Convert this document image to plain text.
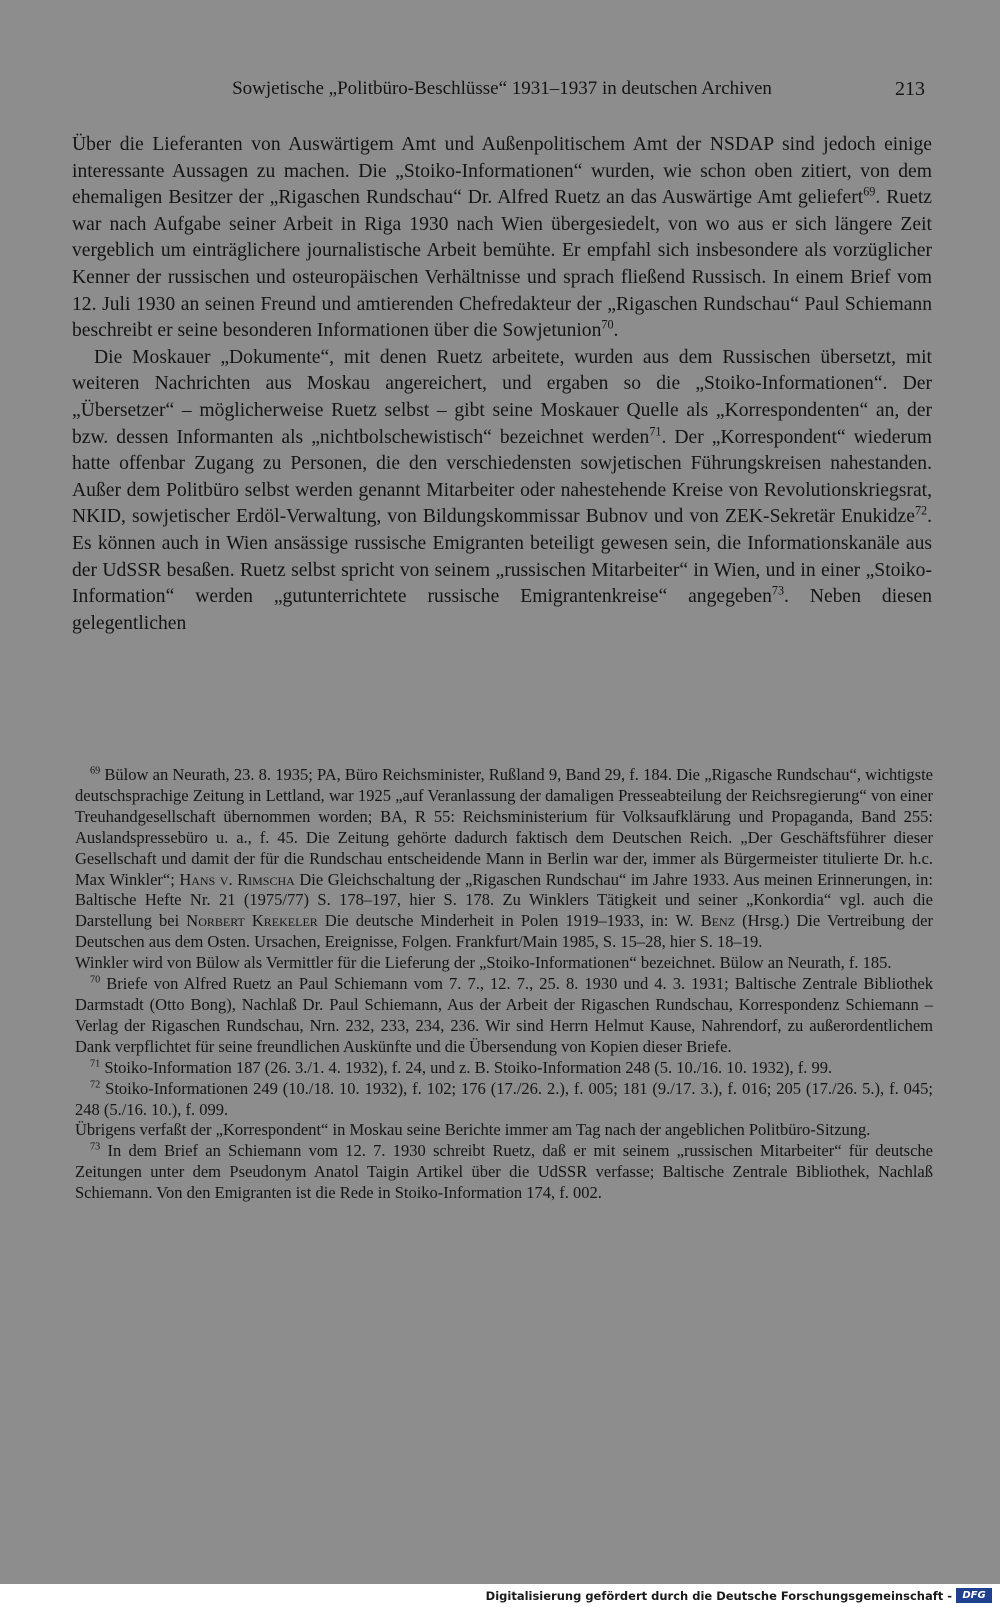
Sowjetische „Politbüro-Beschlüsse“ 1931–1937 in deutschen Archiven	213

Über die Lieferanten von Auswärtigem Amt und Außenpolitischem Amt der NSDAP sind jedoch einige interessante Aussagen zu machen. Die „Stoiko-Informationen“ wurden, wie schon oben zitiert, von dem ehemaligen Besitzer der „Rigaschen Rundschau“ Dr. Alfred Ruetz an das Auswärtige Amt geliefert$^{69}$. Ruetz war nach Aufgabe seiner Arbeit in Riga 1930 nach Wien übergesiedelt, von wo aus er sich längere Zeit vergeblich um einträglichere journalistische Arbeit bemühte. Er empfahl sich insbesondere als vorzüglicher Kenner der russischen und osteuropäischen Verhältnisse und sprach fließend Russisch. In einem Brief vom 12. Juli 1930 an seinen Freund und amtierenden Chefredakteur der „Rigaschen Rundschau“ Paul Schiemann beschreibt er seine besonderen Informationen über die Sowjetunion$^{70}$.

Die Moskauer „Dokumente“, mit denen Ruetz arbeitete, wurden aus dem Russischen übersetzt, mit weiteren Nachrichten aus Moskau angereichert, und ergaben so die „Stoiko-Informationen“. Der „Übersetzer“ – möglicherweise Ruetz selbst – gibt seine Moskauer Quelle als „Korrespondenten“ an, der bzw. dessen Informanten als „nichtbolschewistisch“ bezeichnet werden$^{71}$. Der „Korrespondent“ wiederum hatte offenbar Zugang zu Personen, die den verschiedensten sowjetischen Führungskreisen nahestanden. Außer dem Politbüro selbst werden genannt Mitarbeiter oder nahestehende Kreise von Revolutionskriegsrat, NKID, sowjetischer Erdöl-Verwaltung, von Bildungskommissar Bubnov und von ZEK-Sekretär Enukidze$^{72}$. Es können auch in Wien ansässige russische Emigranten beteiligt gewesen sein, die Informationskanäle aus der UdSSR besaßen. Ruetz selbst spricht von seinem „russischen Mitarbeiter“ in Wien, und in einer „Stoiko-Information“ werden „gutunterrichtete russische Emigrantenkreise“ angegeben$^{73}$. Neben diesen gelegentlichen

$^{69}$ Bülow an Neurath, 23. 8. 1935; PA, Büro Reichsminister, Rußland 9, Band 29, f. 184. Die „Rigasche Rundschau“, wichtigste deutschsprachige Zeitung in Lettland, war 1925 „auf Veranlassung der damaligen Presseabteilung der Reichsregierung“ von einer Treuhandgesellschaft übernommen worden; BA, R 55: Reichsministerium für Volksaufklärung und Propaganda, Band 255: Auslandspressebüro u. a., f. 45. Die Zeitung gehörte dadurch faktisch dem Deutschen Reich. „Der Geschäftsführer dieser Gesellschaft und damit der für die Rundschau entscheidende Mann in Berlin war der, immer als Bürgermeister titulierte Dr. h.c. Max Winkler“; Hans v. Rimscha Die Gleichschaltung der „Rigaschen Rundschau“ im Jahre 1933. Aus meinen Erinnerungen, in: Baltische Hefte Nr. 21 (1975/77) S. 178–197, hier S. 178. Zu Winklers Tätigkeit und seiner „Konkordia“ vgl. auch die Darstellung bei Norbert Krekeler Die deutsche Minderheit in Polen 1919–1933, in: W. Benz (Hrsg.) Die Vertreibung der Deutschen aus dem Osten. Ursachen, Ereignisse, Folgen. Frankfurt/Main 1985, S. 15–28, hier S. 18–19.

Winkler wird von Bülow als Vermittler für die Lieferung der „Stoiko-Informationen“ bezeichnet. Bülow an Neurath, f. 185.

$^{70}$ Briefe von Alfred Ruetz an Paul Schiemann vom 7. 7., 12. 7., 25. 8. 1930 und 4. 3. 1931; Baltische Zentrale Bibliothek Darmstadt (Otto Bong), Nachlaß Dr. Paul Schiemann, Aus der Arbeit der Rigaschen Rundschau, Korrespondenz Schiemann – Verlag der Rigaschen Rundschau, Nrn. 232, 233, 234, 236. Wir sind Herrn Helmut Kause, Nahrendorf, zu außerordentlichem Dank verpflichtet für seine freundlichen Auskünfte und die Übersendung von Kopien dieser Briefe.

$^{71}$ Stoiko-Information 187 (26. 3./1. 4. 1932), f. 24, und z. B. Stoiko-Information 248 (5. 10./16. 10. 1932), f. 99.

$^{72}$ Stoiko-Informationen 249 (10./18. 10. 1932), f. 102; 176 (17./26. 2.), f. 005; 181 (9./17. 3.), f. 016; 205 (17./26. 5.), f. 045; 248 (5./16. 10.), f. 099.

Übrigens verfaßt der „Korrespondent“ in Moskau seine Berichte immer am Tag nach der angeblichen Politbüro-Sitzung.

$^{73}$ In dem Brief an Schiemann vom 12. 7. 1930 schreibt Ruetz, daß er mit seinem „russischen Mitarbeiter“ für deutsche Zeitungen unter dem Pseudonym Anatol Taigin Artikel über die UdSSR verfasse; Baltische Zentrale Bibliothek, Nachlaß Schiemann. Von den Emigranten ist die Rede in Stoiko-Information 174, f. 002.

Digitalisierung gefördert durch die Deutsche Forschungsgemeinschaft -	DFG
